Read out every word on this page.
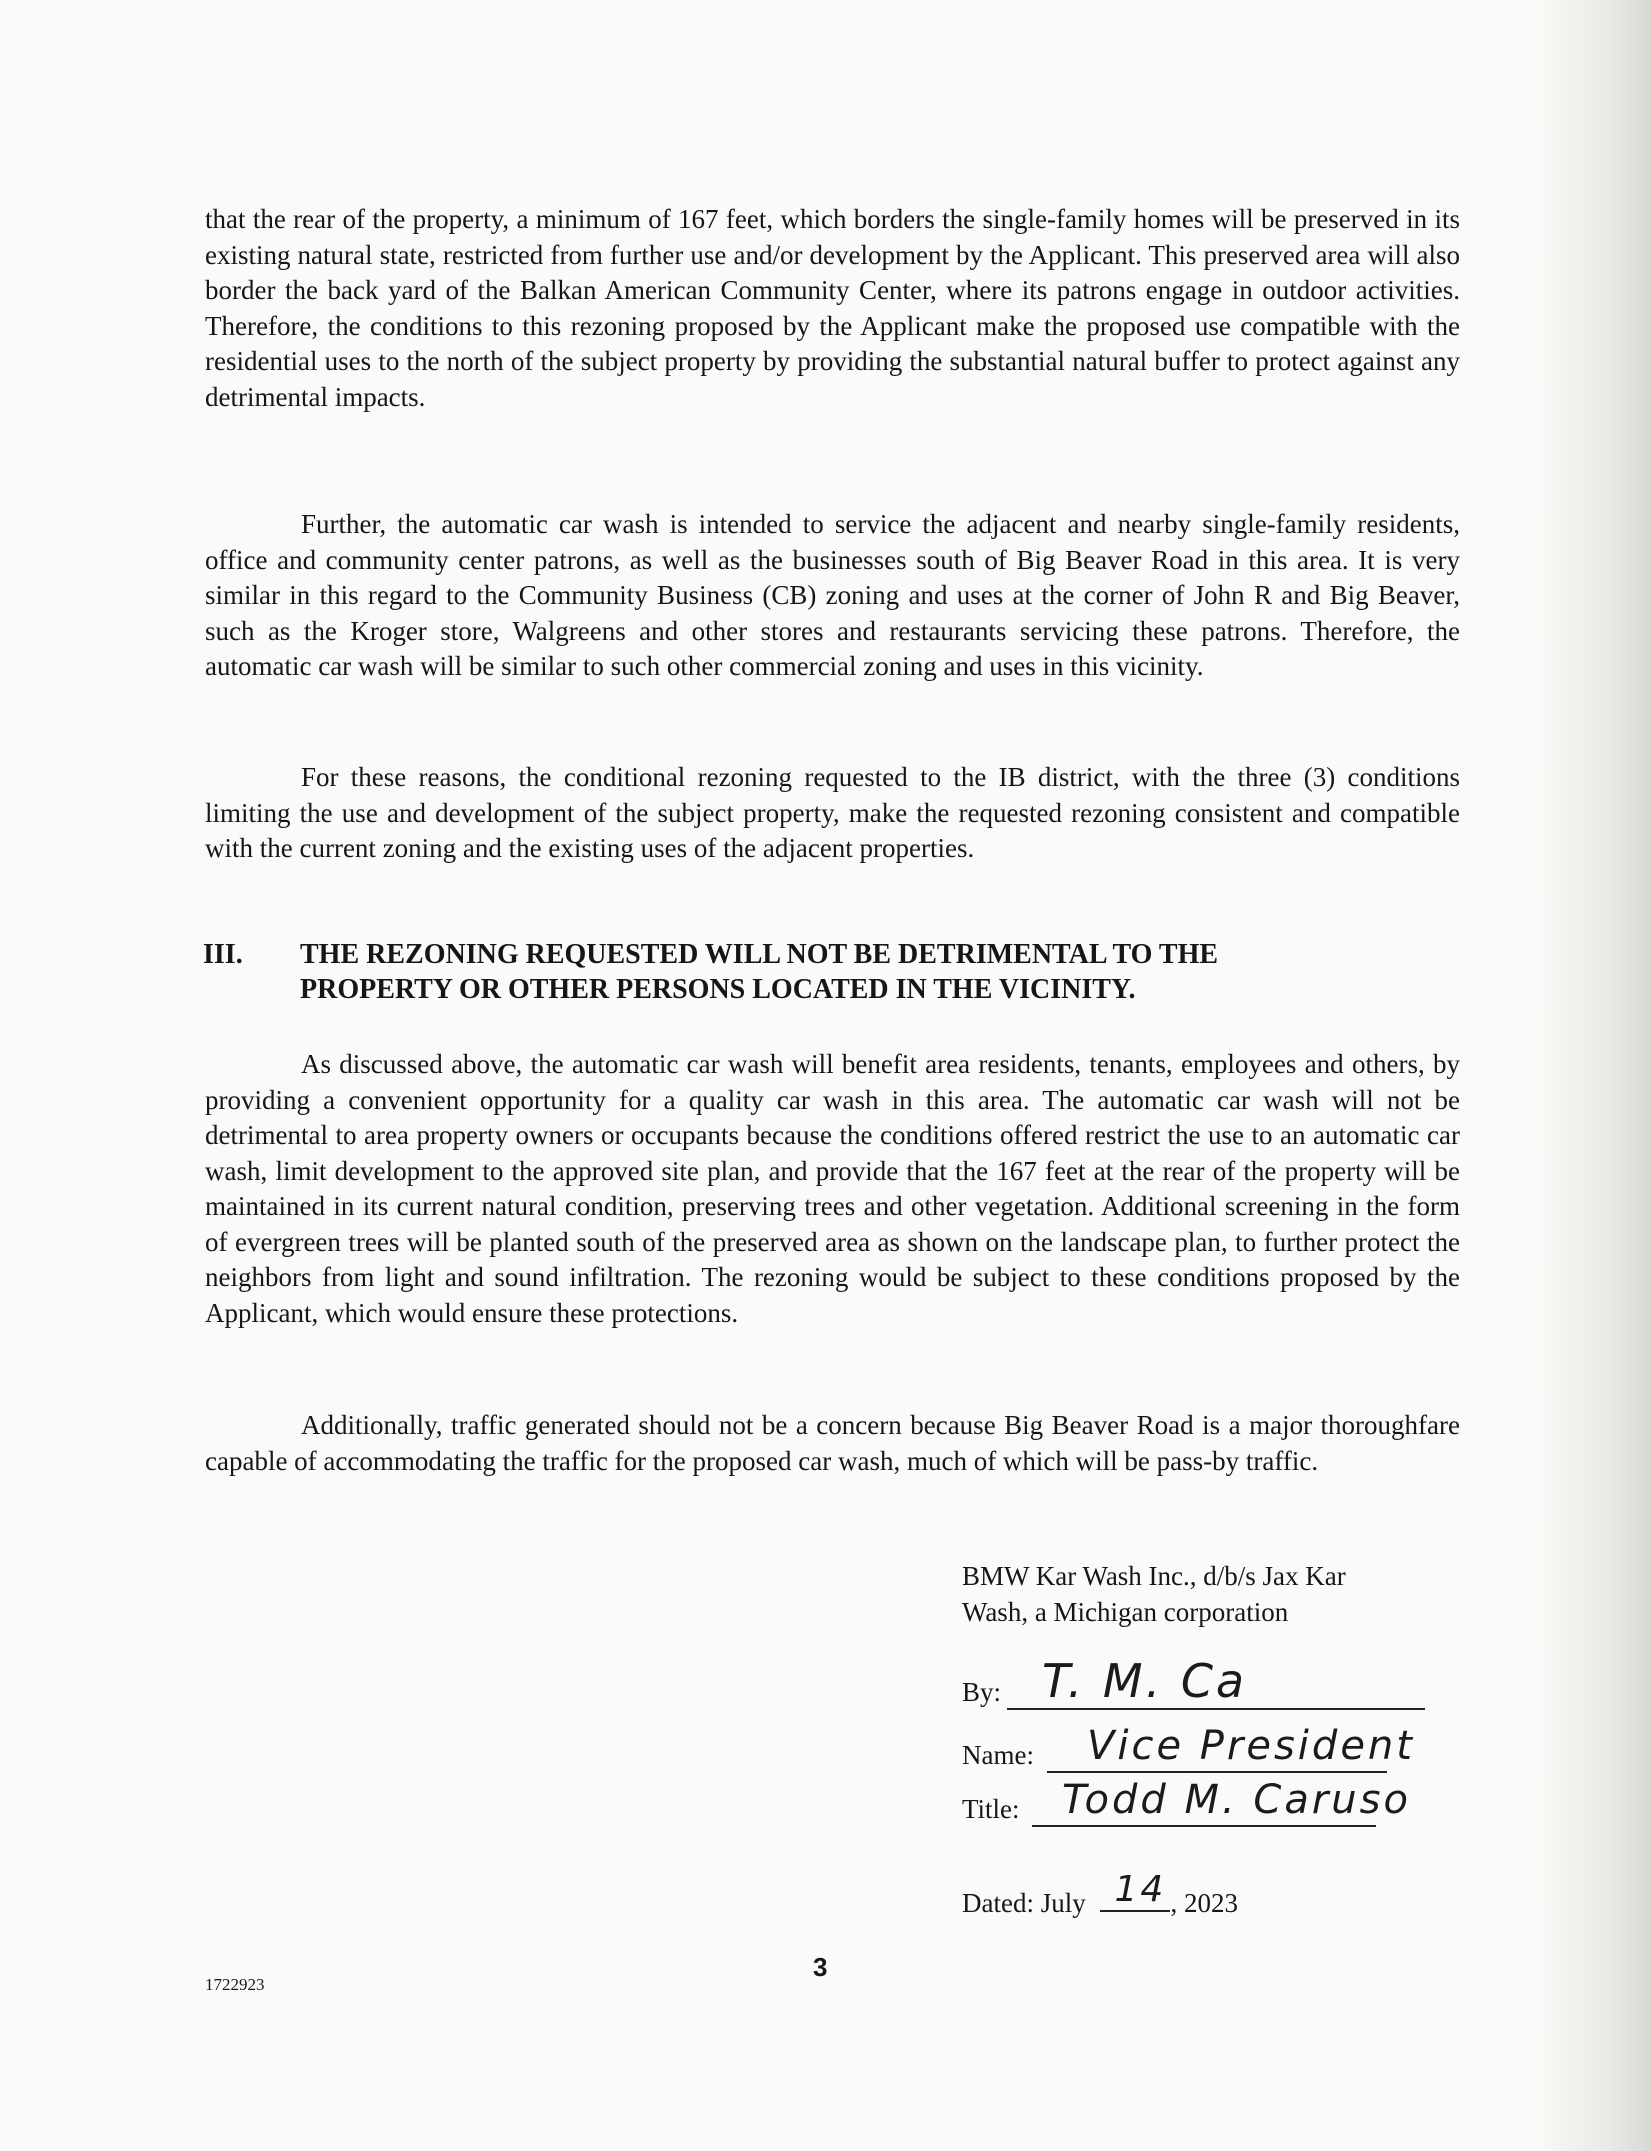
that the rear of the property, a minimum of 167 feet, which borders the single-family homes will be preserved in its existing natural state, restricted from further use and/or development by the Applicant. This preserved area will also border the back yard of the Balkan American Community Center, where its patrons engage in outdoor activities. Therefore, the conditions to this rezoning proposed by the Applicant make the proposed use compatible with the residential uses to the north of the subject property by providing the substantial natural buffer to protect against any detrimental impacts.

Further, the automatic car wash is intended to service the adjacent and nearby single-family residents, office and community center patrons, as well as the businesses south of Big Beaver Road in this area. It is very similar in this regard to the Community Business (CB) zoning and uses at the corner of John R and Big Beaver, such as the Kroger store, Walgreens and other stores and restaurants servicing these patrons. Therefore, the automatic car wash will be similar to such other commercial zoning and uses in this vicinity.

For these reasons, the conditional rezoning requested to the IB district, with the three (3) conditions limiting the use and development of the subject property, make the requested rezoning consistent and compatible with the current zoning and the existing uses of the adjacent properties.

III. THE REZONING REQUESTED WILL NOT BE DETRIMENTAL TO THE
PROPERTY OR OTHER PERSONS LOCATED IN THE VICINITY.

As discussed above, the automatic car wash will benefit area residents, tenants, employees and others, by providing a convenient opportunity for a quality car wash in this area. The automatic car wash will not be detrimental to area property owners or occupants because the conditions offered restrict the use to an automatic car wash, limit development to the approved site plan, and provide that the 167 feet at the rear of the property will be maintained in its current natural condition, preserving trees and other vegetation. Additional screening in the form of evergreen trees will be planted south of the preserved area as shown on the landscape plan, to further protect the neighbors from light and sound infiltration. The rezoning would be subject to these conditions proposed by the Applicant, which would ensure these protections.

Additionally, traffic generated should not be a concern because Big Beaver Road is a major thoroughfare capable of accommodating the traffic for the proposed car wash, much of which will be pass-by traffic.

BMW Kar Wash Inc., d/b/s Jax Kar
Wash, a Michigan corporation
By: T. M. Ca
Name: Vice President
Title: Todd M. Caruso
Dated: July 14 , 2023
3
1722923
